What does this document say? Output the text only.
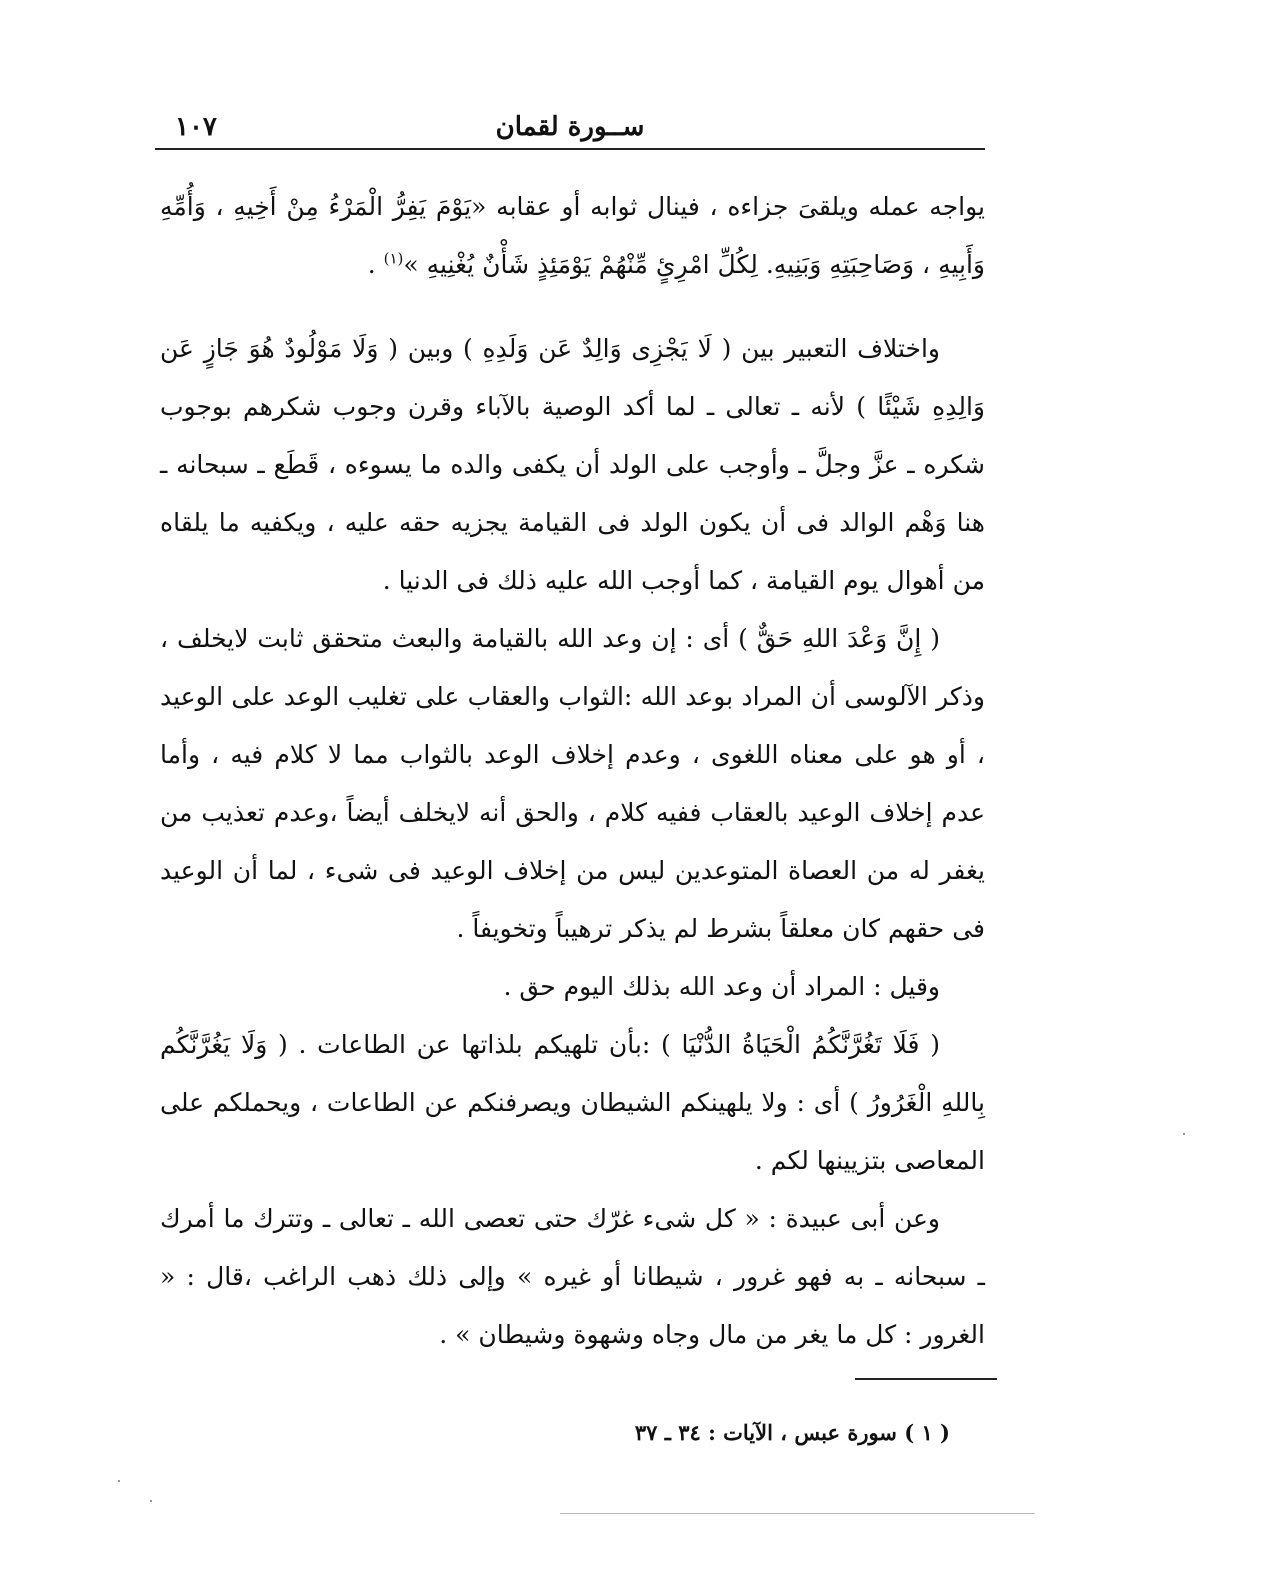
ســورة لقمان
١٠٧

يواجه عمله ويلقىَ جزاءه ، فينال ثوابه أو عقابه «يَوْمَ يَفِرُّ الْمَرْءُ مِنْ أَخِيهِ ، وَأُمِّهِ وَأَبِيهِ ، وَصَاحِبَتِهِ وَبَنِيهِ. لِكُلِّ امْرِئٍ مِّنْهُمْ يَوْمَئِذٍ شَأْنٌ يُغْنِيهِ »$^{(١)}$ .

واختلاف التعبير بين ( لَا يَجْزِى وَالِدٌ عَن وَلَدِهِ ) وبين ( وَلَا مَوْلُودٌ هُوَ جَازٍ عَن وَالِدِهِ شَيْئًا ) لأنه ـ تعالى ـ لما أكد الوصية بالآباء وقرن وجوب شكرهم بوجوب شكره ـ عزَّ وجلَّ ـ وأوجب على الولد أن يكفى والده ما يسوءه ، قَطَع ـ سبحانه ـ هنا وَهْم الوالد فى أن يكون الولد فى القيامة يجزيه حقه عليه ، ويكفيه ما يلقاه من أهوال يوم القيامة ، كما أوجب الله عليه ذلك فى الدنيا .

( إِنَّ وَعْدَ اللهِ حَقٌّ ) أى : إن وعد الله بالقيامة والبعث متحقق ثابت لايخلف ، وذكر الآلوسى أن المراد بوعد الله :الثواب والعقاب على تغليب الوعد على الوعيد ، أو هو على معناه اللغوى ، وعدم إخلاف الوعد بالثواب مما لا كلام فيه ، وأما عدم إخلاف الوعيد بالعقاب ففيه كلام ، والحق أنه لايخلف أيضاً ،وعدم تعذيب من يغفر له من العصاة المتوعدين ليس من إخلاف الوعيد فى شىء ، لما أن الوعيد فى حقهم كان معلقاً بشرط لم يذكر ترهيباً وتخويفاً .

وقيل : المراد أن وعد الله بذلك اليوم حق .

( فَلَا تَغُرَّنَّكُمُ الْحَيَاةُ الدُّنْيَا ) :بأن تلهيكم بلذاتها عن الطاعات . ( وَلَا يَغُرَّنَّكُم بِاللهِ الْغَرُورُ ) أى : ولا يلهينكم الشيطان ويصرفنكم عن الطاعات ، ويحملكم على المعاصى بتزيينها لكم .

وعن أبى عبيدة : « كل شىء غرّك حتى تعصى الله ـ تعالى ـ وتترك ما أمرك ـ سبحانه ـ به فهو غرور ، شيطانا أو غيره » وإلى ذلك ذهب الراغب ،قال : « الغرور : كل ما يغر من مال وجاه وشهوة وشيطان » .

( ١ ) سورة عبس ، الآيات : ٣٤ ـ ٣٧
